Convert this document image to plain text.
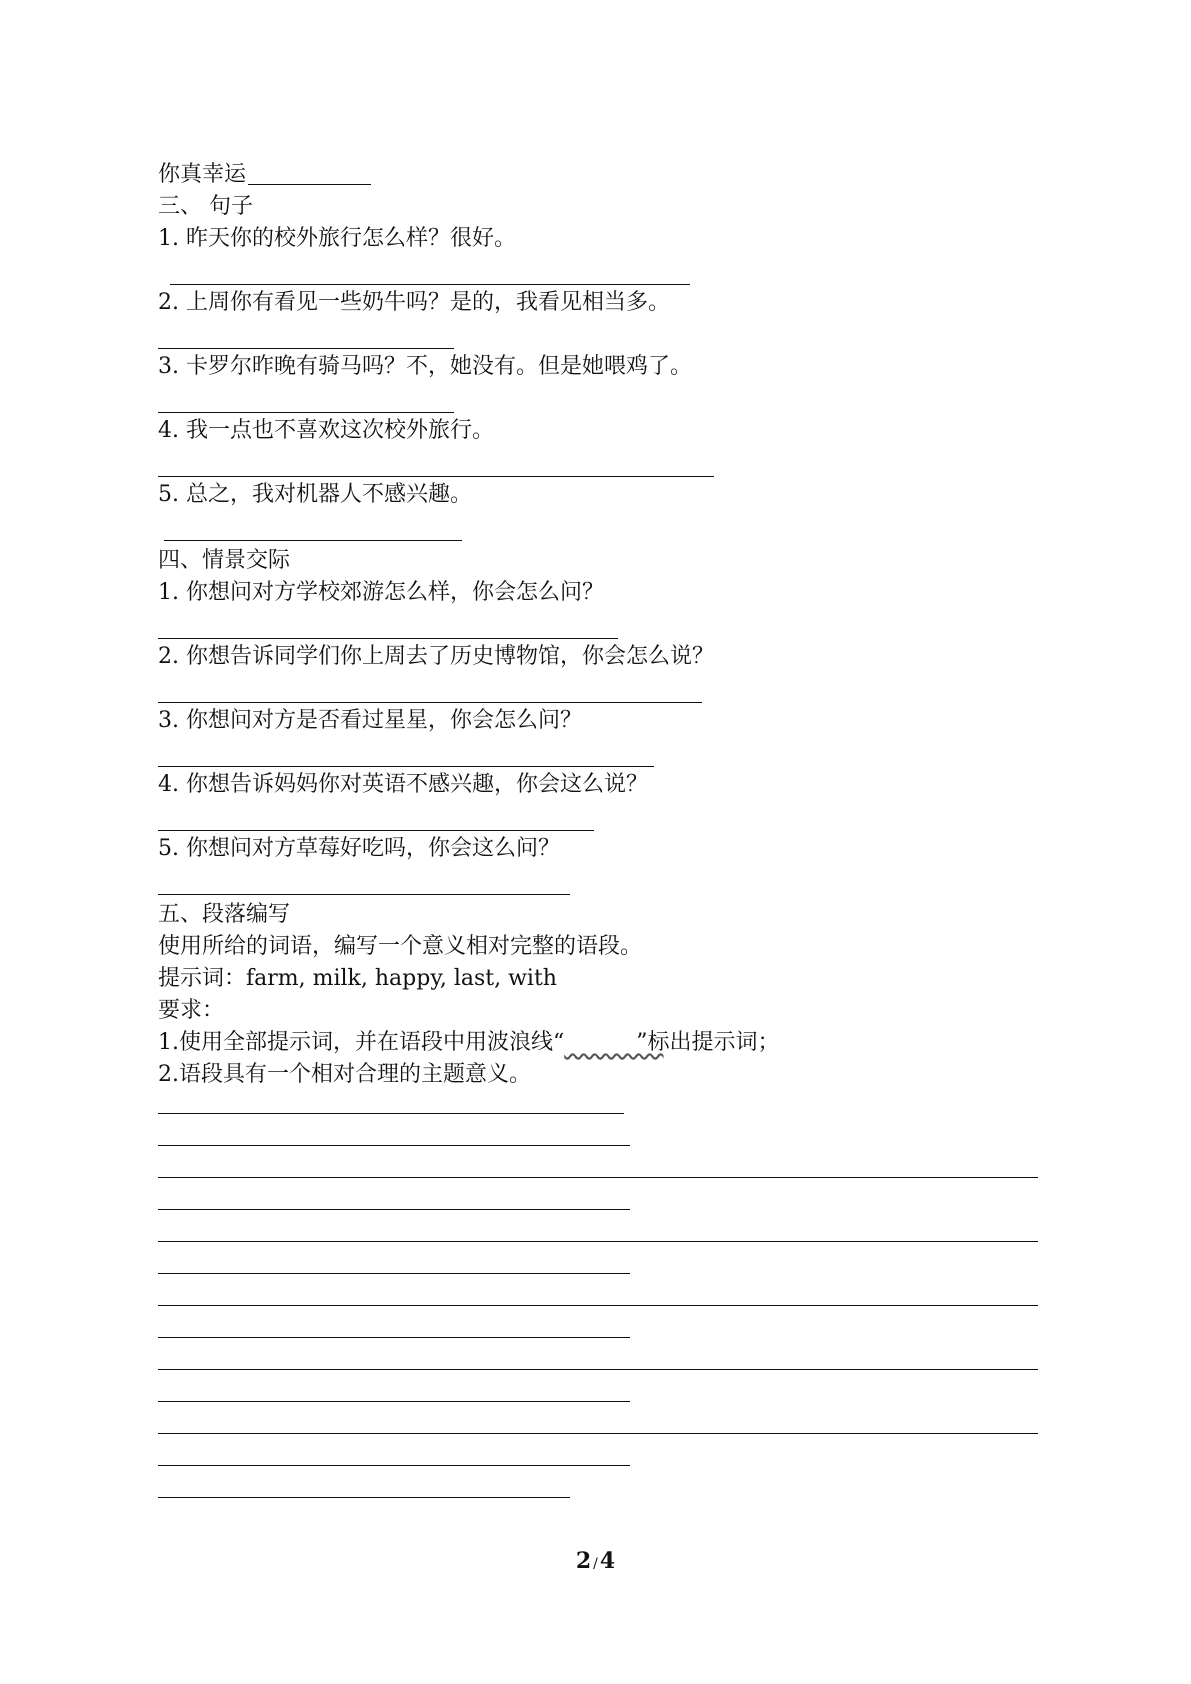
你真幸运
三、 句子
1. 昨天你的校外旅行怎么样？很好。
2. 上周你有看见一些奶牛吗？是的，我看见相当多。
3. 卡罗尔昨晚有骑马吗？不，她没有。但是她喂鸡了。
4. 我一点也不喜欢这次校外旅行。
5. 总之，我对机器人不感兴趣。
四、情景交际
1. 你想问对方学校郊游怎么样，你会怎么问？
2. 你想告诉同学们你上周去了历史博物馆，你会怎么说？
3. 你想问对方是否看过星星，你会怎么问？
4. 你想告诉妈妈你对英语不感兴趣，你会这么说？
5. 你想问对方草莓好吃吗，你会这么问？
五、段落编写
使用所给的词语，编写一个意义相对完整的语段。
提示词：farm, milk, happy, last, with
要求：
1.使用全部提示词，并在语段中用波浪线“	”标出提示词；
2.语段具有一个相对合理的主题意义。
2 /4
